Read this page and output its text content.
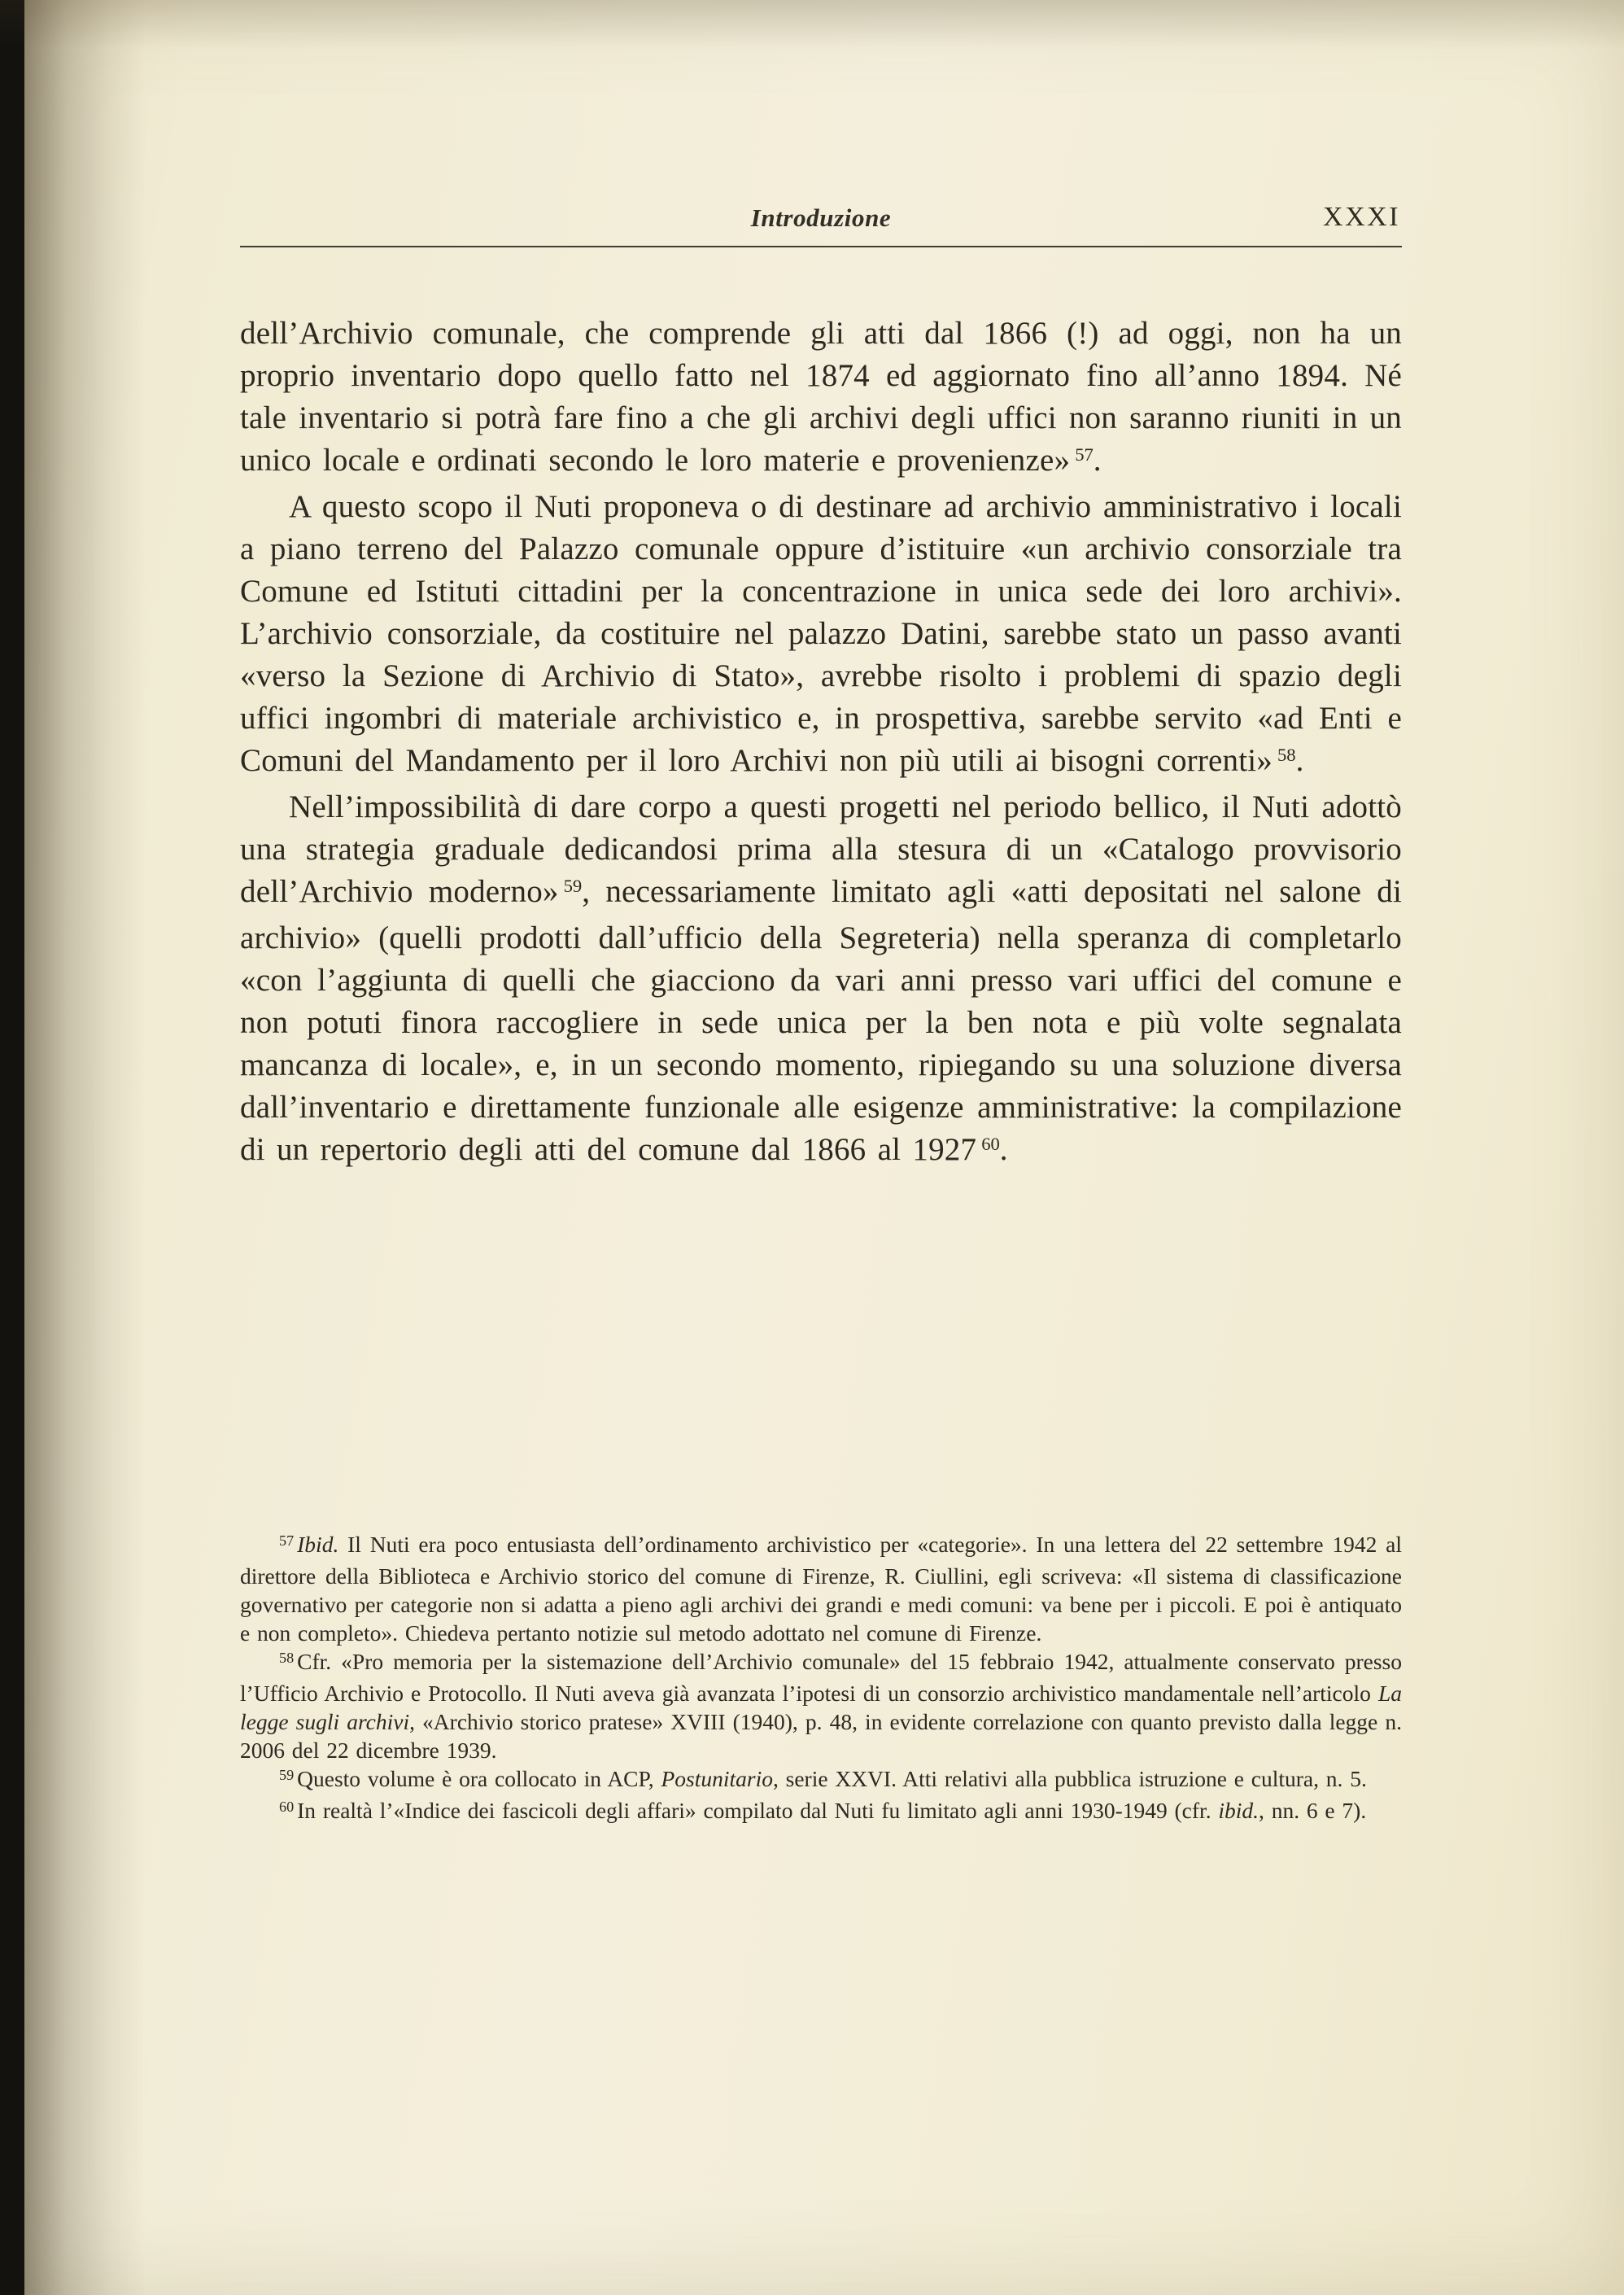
Introduzione	XXXI

dell’Archivio comunale, che comprende gli atti dal 1866 (!) ad oggi, non ha un proprio inventario dopo quello fatto nel 1874 ed aggiornato fino all’anno 1894. Né tale inventario si potrà fare fino a che gli archivi degli uffici non saranno riuniti in un unico locale e ordinati secondo le loro materie e provenienze» $^{57}$.

A questo scopo il Nuti proponeva o di destinare ad archivio amministrativo i locali a piano terreno del Palazzo comunale oppure d’istituire «un archivio consorziale tra Comune ed Istituti cittadini per la concentrazione in unica sede dei loro archivi». L’archivio consorziale, da costituire nel palazzo Datini, sarebbe stato un passo avanti «verso la Sezione di Archivio di Stato», avrebbe risolto i problemi di spazio degli uffici ingombri di materiale archivistico e, in prospettiva, sarebbe servito «ad Enti e Comuni del Mandamento per il loro Archivi non più utili ai bisogni correnti» $^{58}$.

Nell’impossibilità di dare corpo a questi progetti nel periodo bellico, il Nuti adottò una strategia graduale dedicandosi prima alla stesura di un «Catalogo provvisorio dell’Archivio moderno» $^{59}$, necessariamente limitato agli «atti depositati nel salone di archivio» (quelli prodotti dall’ufficio della Segreteria) nella speranza di completarlo «con l’aggiunta di quelli che giacciono da vari anni presso vari uffici del comune e non potuti finora raccogliere in sede unica per la ben nota e più volte segnalata mancanza di locale», e, in un secondo momento, ripiegando su una soluzione diversa dall’inventario e direttamente funzionale alle esigenze amministrative: la compilazione di un repertorio degli atti del comune dal 1866 al 1927 $^{60}$.

$^{57}$ Ibid. Il Nuti era poco entusiasta dell’ordinamento archivistico per «categorie». In una lettera del 22 settembre 1942 al direttore della Biblioteca e Archivio storico del comune di Firenze, R. Ciullini, egli scriveva: «Il sistema di classificazione governativo per categorie non si adatta a pieno agli archivi dei grandi e medi comuni: va bene per i piccoli. E poi è antiquato e non completo». Chiedeva pertanto notizie sul metodo adottato nel comune di Firenze.

$^{58}$ Cfr. «Pro memoria per la sistemazione dell’Archivio comunale» del 15 febbraio 1942, attualmente conservato presso l’Ufficio Archivio e Protocollo. Il Nuti aveva già avanzata l’ipotesi di un consorzio archivistico mandamentale nell’articolo La legge sugli archivi, «Archivio storico pratese» XVIII (1940), p. 48, in evidente correlazione con quanto previsto dalla legge n. 2006 del 22 dicembre 1939.

$^{59}$ Questo volume è ora collocato in ACP, Postunitario, serie XXVI. Atti relativi alla pubblica istruzione e cultura, n. 5.

$^{60}$ In realtà l’«Indice dei fascicoli degli affari» compilato dal Nuti fu limitato agli anni 1930-1949 (cfr. ibid., nn. 6 e 7).
